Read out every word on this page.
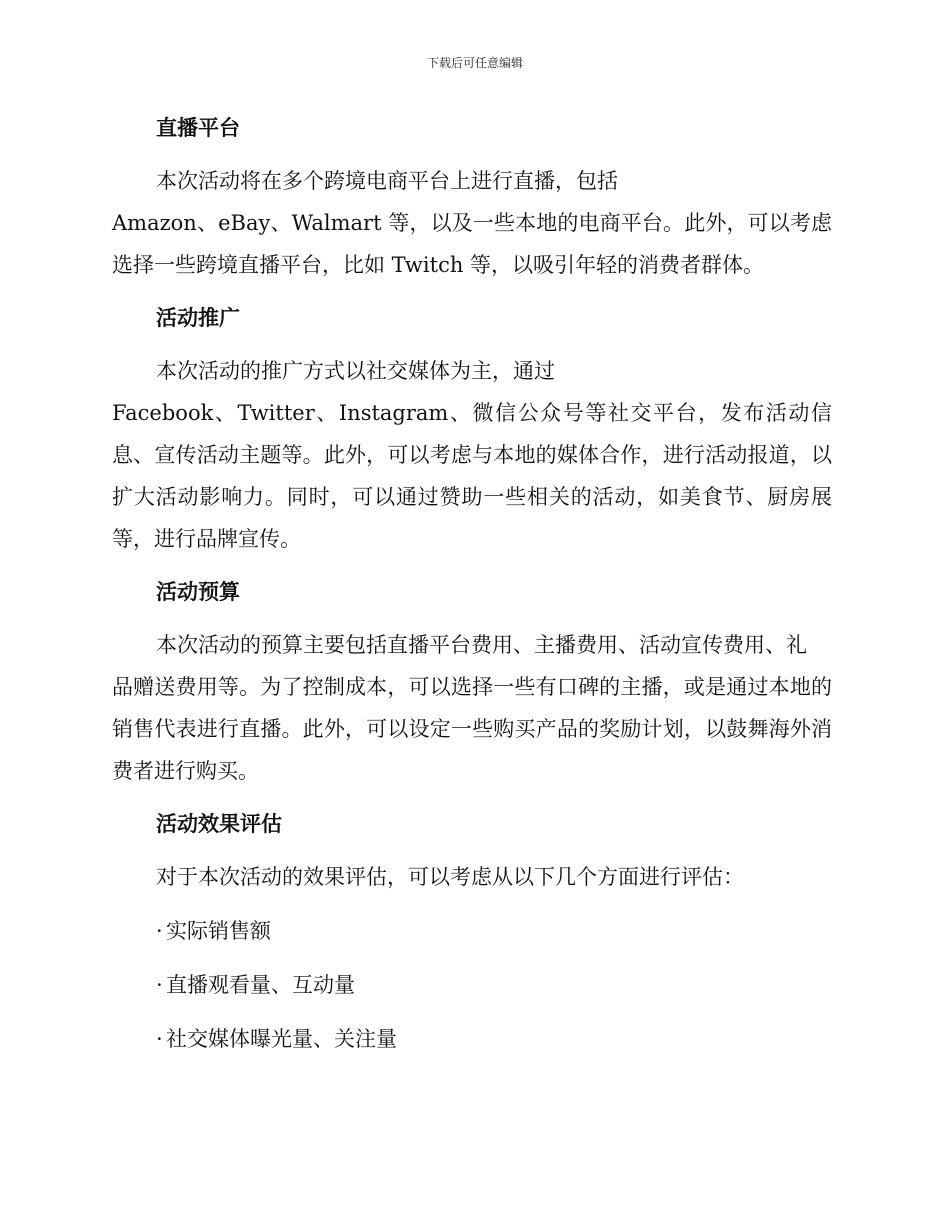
下载后可任意编辑
直播平台

本次活动将在多个跨境电商平台上进行直播，包括
Amazon、eBay、Walmart 等，以及一些本地的电商平台。此外，可以考虑选择一些跨境直播平台，比如 Twitch 等，以吸引年轻的消费者群体。

活动推广

本次活动的推广方式以社交媒体为主，通过
Facebook、Twitter、Instagram、微信公众号等社交平台，发布活动信息、宣传活动主题等。此外，可以考虑与本地的媒体合作，进行活动报道，以扩大活动影响力。同时，可以通过赞助一些相关的活动，如美食节、厨房展等，进行品牌宣传。

活动预算

本次活动的预算主要包括直播平台费用、主播费用、活动宣传费用、礼
品赠送费用等。为了控制成本，可以选择一些有口碑的主播，或是通过本地的销售代表进行直播。此外，可以设定一些购买产品的奖励计划，以鼓舞海外消费者进行购买。

活动效果评估

对于本次活动的效果评估，可以考虑从以下几个方面进行评估：

· 实际销售额

· 直播观看量、互动量

· 社交媒体曝光量、关注量
